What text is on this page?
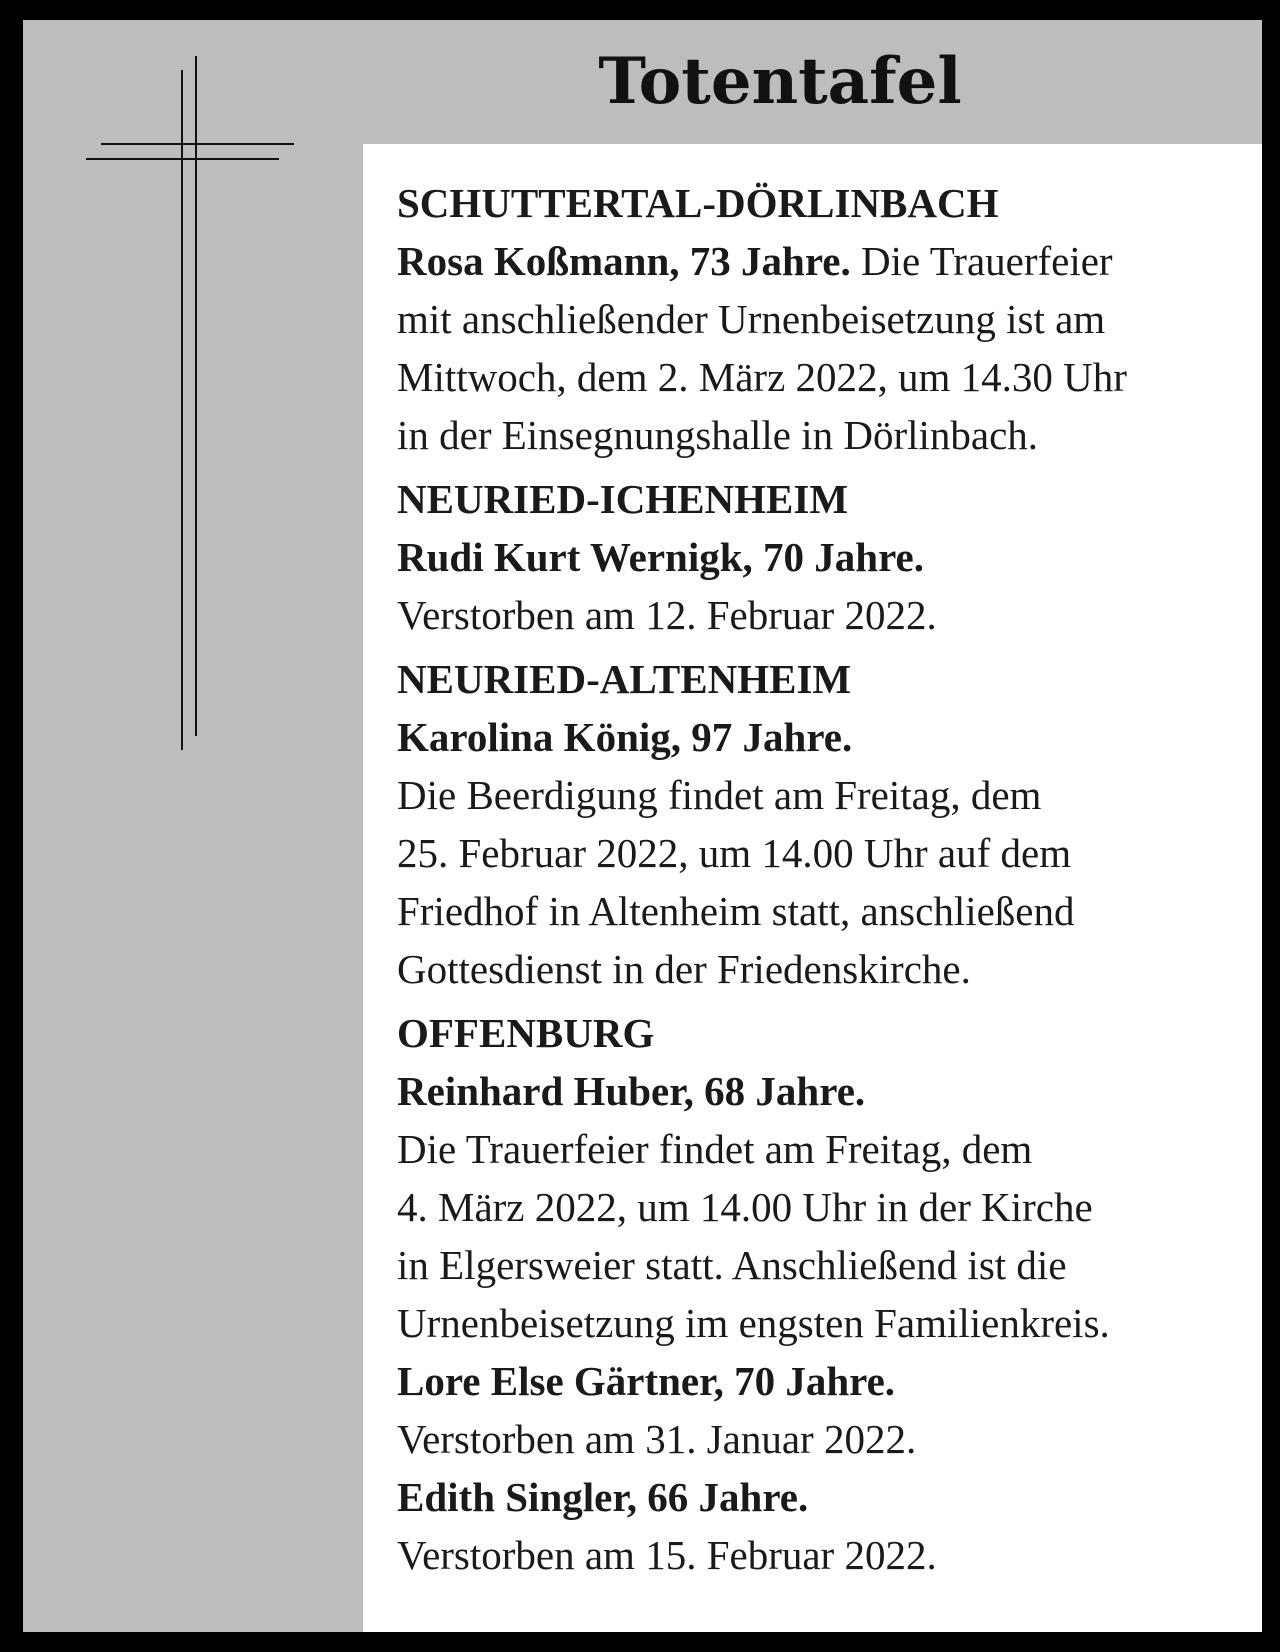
Totentafel
SCHUTTERTAL-DÖRLINBACH
Rosa Koßmann, 73 Jahre. Die Trauerfeier
mit anschließender Urnenbeisetzung ist am
Mittwoch, dem 2. März 2022, um 14.30 Uhr
in der Einsegnungshalle in Dörlinbach.
NEURIED-ICHENHEIM
Rudi Kurt Wernigk, 70 Jahre.
Verstorben am 12. Februar 2022.
NEURIED-ALTENHEIM
Karolina König, 97 Jahre.
Die Beerdigung findet am Freitag, dem
25. Februar 2022, um 14.00 Uhr auf dem
Friedhof in Altenheim statt, anschließend
Gottesdienst in der Friedenskirche.
OFFENBURG
Reinhard Huber, 68 Jahre.
Die Trauerfeier findet am Freitag, dem
4. März 2022, um 14.00 Uhr in der Kirche
in Elgersweier statt. Anschließend ist die
Urnenbeisetzung im engsten Familienkreis.
Lore Else Gärtner, 70 Jahre.
Verstorben am 31. Januar 2022.
Edith Singler, 66 Jahre.
Verstorben am 15. Februar 2022.
